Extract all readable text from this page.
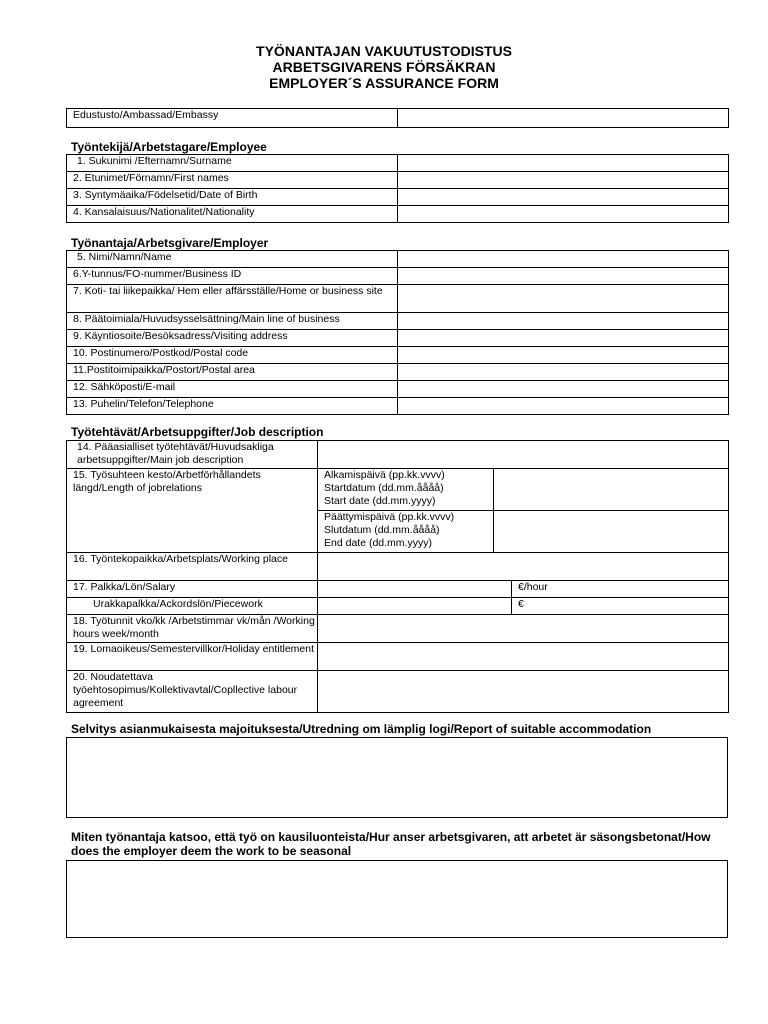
TYÖNANTAJAN VAKUUTUSTODISTUS
ARBETSGIVARENS FÖRSÄKRAN
EMPLOYER´S ASSURANCE FORM
Edustusto/Ambassad/Embassy	
Työntekijä/Arbetstagare/Employee
1. Sukunimi /Efternamn/Surname	
2. Etunimet/Förnamn/First names	
3. Syntymäaika/Födelsetid/Date of Birth	
4. Kansalaisuus/Nationalitet/Nationality	
Työnantaja/Arbetsgivare/Employer
5. Nimi/Namn/Name	
6.Y-tunnus/FO-nummer/Business ID	
7. Koti- tai liikepaikka/ Hem eller affärsställe/Home or business site	
8. Päätoimiala/Huvudsysselsättning/Main line of business	
9. Käyntiosoite/Besöksadress/Visiting address	
10. Postinumero/Postkod/Postal code	
11.Postitoimipaikka/Postort/Postal area	
12. Sähköposti/E-mail	
13. Puhelin/Telefon/Telephone	
Työtehtävät/Arbetsuppgifter/Job description
14. Pääasialliset työtehtävät/Huvudsakliga arbetsuppgifter/Main job description			
15. Työsuhteen kesto/Arbetförhållandets längd/Length of jobrelations	Alkamispäivä (pp.kk.vvvv)
Startdatum (dd.mm.åååå)
Start date (dd.mm.yyyy)		

	Päättymispäivä (pp.kk.vvvv)
Slutdatum (dd.mm.åååå)
End date (dd.mm.yyyy)		

16. Työntekopaikka/Arbetsplats/Working place			
17. Palkka/Lön/Salary			€/hour
Urakkapalkka/Ackordslön/Piecework			€
18. Työtunnit vko/kk /Arbetstimmar vk/mån /Working hours week/month			
19. Lomaoikeus/Semestervillkor/Holiday entitlement			
20. Noudatettava työehtosopimus/Kollektivavtal/Copllective labour agreement			
Selvitys asianmukaisesta majoituksesta/Utredning om lämplig logi/Report of suitable accommodation
Miten työnantaja katsoo, että työ on kausiluonteista/Hur anser arbetsgivaren, att arbetet är säsongsbetonat/How does the employer deem the work to be seasonal
